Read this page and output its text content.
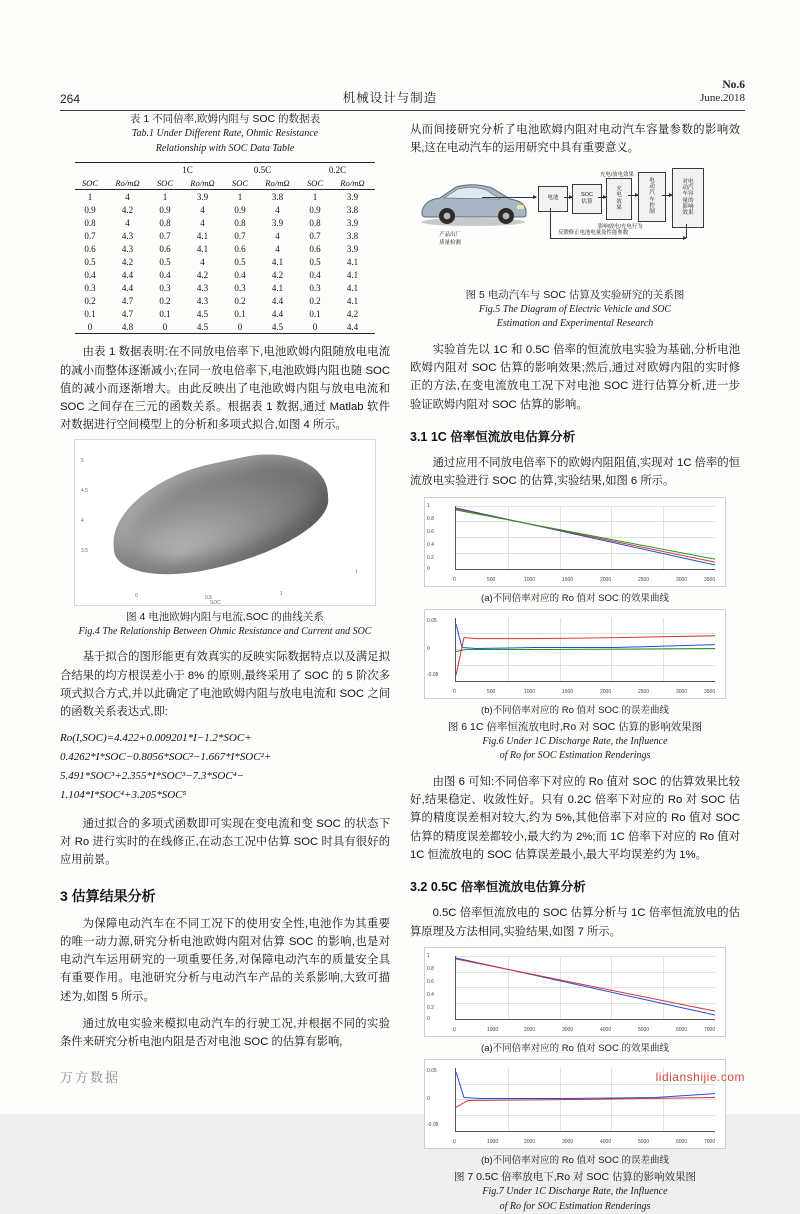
264	机械设计与制造
No.6
June.2018
表 1 不同倍率,欧姆内阻与 SOC 的数据表
Tab.1 Under Different Rate, Ohmic Resistance
Relationship with SOC Data Table
		1C		0.5C		0.2C	
SOC	Ro/mΩ	SOC	Ro/mΩ	SOC	Ro/mΩ	SOC	Ro/mΩ
1	4	1	3.9	1	3.8	1	3.9
0.9	4.2	0.9	4	0.9	4	0.9	3.8
0.8	4	0.8	4	0.8	3.9	0.8	3.9
0.7	4.3	0.7	4.1	0.7	4	0.7	3.8
0.6	4.3	0.6	4.1	0.6	4	0.6	3.9
0.5	4.2	0.5	4	0.5	4.1	0.5	4.1
0.4	4.4	0.4	4.2	0.4	4.2	0.4	4.1
0.3	4.4	0.3	4.3	0.3	4.1	0.3	4.1
0.2	4.7	0.2	4.3	0.2	4.4	0.2	4.1
0.1	4.7	0.1	4.5	0.1	4.4	0.1	4.2
0	4.8	0	4.5	0	4.5	0	4.4

由表 1 数据表明:在不同放电倍率下,电池欧姆内阻随放电电流的减小而整体逐渐减小;在同一放电倍率下,电池欧姆内阻也随 SOC 值的减小而逐渐增大。由此反映出了电池欧姆内阻与放电电流和 SOC 之间存在三元的函数关系。根据表 1 数据,通过 Matlab 软件对数据进行空间模型上的分析和多项式拟合,如图 4 所示。

5
4.5
4
3.5
0	0.5
1
I
SOC
图 4 电池欧姆内阻与电流,SOC 的曲线关系
Fig.4 The Relationship Between Ohmic Resistance and Current and SOC

基于拟合的图形能更有效真实的反映实际数据特点以及满足拟合结果的均方根误差小于 8% 的原则,最终采用了 SOC 的 5 阶次多项式拟合方式,并以此确定了电池欧姆内阻与放电电流和 SOC 之间的函数关系表达式,即:

Ro(I,SOC)=4.422+0.009201*I−1.2*SOC+
0.4262*I*SOC−0.8056*SOC²−1.667*I*SOC²+
5.491*SOC³+2.355*I*SOC³−7.3*SOC⁴−
1.104*I*SOC⁴+3.205*SOC⁵

通过拟合的多项式函数即可实现在变电流和变 SOC 的状态下对 Ro 进行实时的在线修正,在动态工况中估算 SOC 时具有很好的应用前景。

3 估算结果分析

为保障电动汽车在不同工况下的使用安全性,电池作为其重要的唯一动力源,研究分析电池欧姆内阻对估算 SOC 的影响,也是对电动汽车运用研究的一项重要任务,对保障电动汽车的质量安全具有重要作用。电池研究分析与电动汽车产品的关系影响,大致可描述为,如图 5 所示。

通过放电实验来模拟电动汽车的行驶工况,并根据不同的实验条件来研究分析电池内阻是否对电池 SOC 的估算有影响,

从而间接研究分析了电池欧姆内阻对电动汽车容量参数的影响效果,这在电动汽车的运用研究中具有重要意义。

产品出厂
质量检测
电池	SOC
估算
充
电
效
果
电
动
汽
车
控
制
对电
动汽
车容
量的
影响
效果
充电/放电效果
影响放电/充电行为
反馈修正电池电量及性能参数
图 5 电动汽车与 SOC 估算及实验研究的关系图
Fig.5 The Diagram of Electric Vehicle and SOC
Estimation and Experimental Research

实验首先以 1C 和 0.5C 倍率的恒流放电实验为基础,分析电池欧姆内阻对 SOC 估算的影响效果;然后,通过对欧姆内阻的实时修正的方法,在变电流放电工况下对电池 SOC 进行估算分析,进一步验证欧姆内阻对 SOC 估算的影响。

3.1 1C 倍率恒流放电估算分析

通过应用不同放电倍率下的欧姆内阻阻值,实现对 1C 倍率的恒流放电实验进行 SOC 的估算,实验结果,如图 6 所示。

1
0.8
0.6
0.4
0.2
0
0	500	1000	1500	2000	2500	3000	3500
(a)不同倍率对应的 Ro 值对 SOC 的效果曲线
0.05
0
-0.05
0	500	1000	1500	2000	2500	3000	3500
(b)不同倍率对应的 Ro 值对 SOC 的误差曲线
图 6 1C 倍率恒流放电时,Ro 对 SOC 估算的影响效果图
Fig.6 Under 1C Discharge Rate, the Influence
of Ro for SOC Estimation Renderings

由图 6 可知:不同倍率下对应的 Ro 值对 SOC 的估算效果比较好,结果稳定、收敛性好。只有 0.2C 倍率下对应的 Ro 对 SOC 估算的精度误差相对较大,约为 5%,其他倍率下对应的 Ro 值对 SOC 估算的精度误差都较小,最大约为 2%;而 1C 倍率下对应的 Ro 值对 1C 恒流放电的 SOC 估算误差最小,最大平均误差约为 1%。

3.2 0.5C 倍率恒流放电估算分析

0.5C 倍率恒流放电的 SOC 估算分析与 1C 倍率恒流放电的估算原理及方法相同,实验结果,如图 7 所示。

1
0.8
0.6
0.4
0.2
0
0	1000	2000	3000	4000	5000	6000	7000
(a)不同倍率对应的 Ro 值对 SOC 的效果曲线
0.05
0
-0.05
0	1000	2000	3000	4000	5000	6000	7000
(b)不同倍率对应的 Ro 值对 SOC 的误差曲线
图 7 0.5C 倍率放电下,Ro 对 SOC 估算的影响效果图
Fig.7 Under 1C Discharge Rate, the Influence
of Ro for SOC Estimation Renderings
万方数据	lidianshijie.com
